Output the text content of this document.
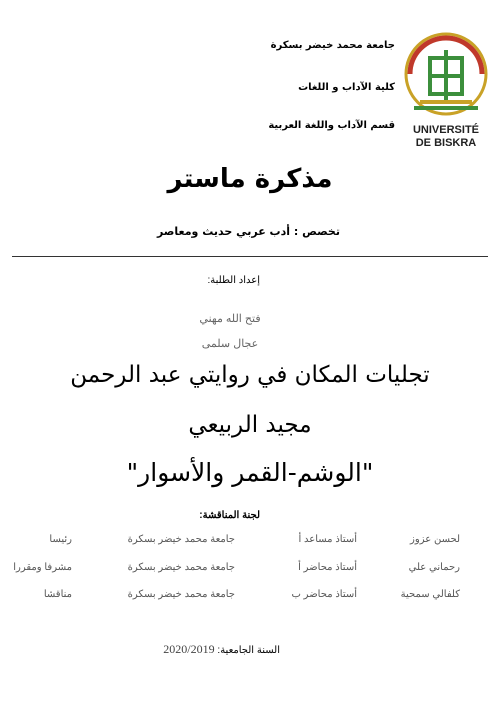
UNIVERSITÉ
DE BISKRA
جامعة محمد خيضر بسكرة
كلية الآداب و اللغات
قسم الآداب واللغة العربية
مذكرة ماستر
تخصص : أدب عربي حديث ومعاصر
إعداد الطلبة:
فتح الله مهني
عجال سلمى
تجليات المكان في روايتي عبد الرحمن
مجيد الربيعي
"الوشم-القمر والأسوار"
لجنة المناقشة:
لحسن عزوز
أستاذ مساعد أ
جامعة محمد خيضر بسكرة
رئيسا
رحماني علي
أستاذ محاضر أ
جامعة محمد خيضر بسكرة
مشرفا ومقررا
كلفالي سمحية
أستاذ محاضر ب
جامعة محمد خيضر بسكرة
مناقشا
السنة الجامعية: 2020/2019
